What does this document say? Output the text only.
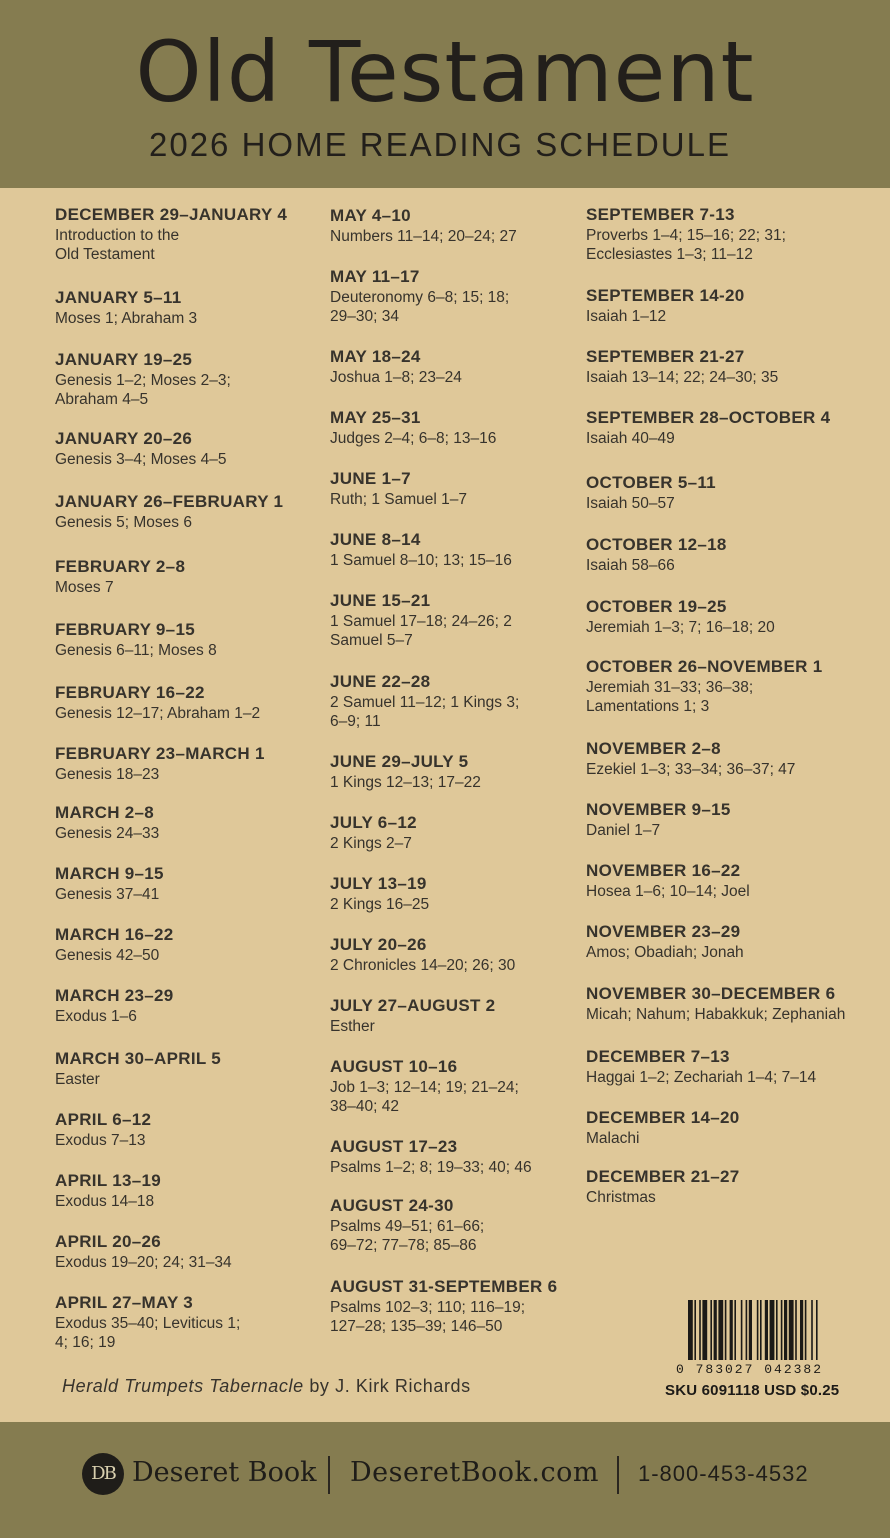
Old Testament
2026 HOME READING SCHEDULE
DECEMBER 29–JANUARY 4
Introduction to the
Old Testament
JANUARY 5–11
Moses 1; Abraham 3
JANUARY 19–25
Genesis 1–2; Moses 2–3;
Abraham 4–5
JANUARY 20–26
Genesis 3–4; Moses 4–5
JANUARY 26–FEBRUARY 1
Genesis 5; Moses 6
FEBRUARY 2–8
Moses 7
FEBRUARY 9–15
Genesis 6–11; Moses 8
FEBRUARY 16–22
Genesis 12–17; Abraham 1–2
FEBRUARY 23–MARCH 1
Genesis 18–23
MARCH 2–8
Genesis 24–33
MARCH 9–15
Genesis 37–41
MARCH 16–22
Genesis 42–50
MARCH 23–29
Exodus 1–6
MARCH 30–APRIL 5
Easter
APRIL 6–12
Exodus 7–13
APRIL 13–19
Exodus 14–18
APRIL 20–26
Exodus 19–20; 24; 31–34
APRIL 27–MAY 3
Exodus 35–40; Leviticus 1;
4; 16; 19
MAY 4–10
Numbers 11–14; 20–24; 27
MAY 11–17
Deuteronomy 6–8; 15; 18;
29–30; 34
MAY 18–24
Joshua 1–8; 23–24
MAY 25–31
Judges 2–4; 6–8; 13–16
JUNE 1–7
Ruth; 1 Samuel 1–7
JUNE 8–14
1 Samuel 8–10; 13; 15–16
JUNE 15–21
1 Samuel 17–18; 24–26; 2
Samuel 5–7
JUNE 22–28
2 Samuel 11–12; 1 Kings 3;
6–9; 11
JUNE 29–JULY 5
1 Kings 12–13; 17–22
JULY 6–12
2 Kings 2–7
JULY 13–19
2 Kings 16–25
JULY 20–26
2 Chronicles 14–20; 26; 30
JULY 27–AUGUST 2
Esther
AUGUST 10–16
Job 1–3; 12–14; 19; 21–24;
38–40; 42
AUGUST 17–23
Psalms 1–2; 8; 19–33; 40; 46
AUGUST 24-30
Psalms 49–51; 61–66;
69–72; 77–78; 85–86
AUGUST 31-SEPTEMBER 6
Psalms 102–3; 110; 116–19;
127–28; 135–39; 146–50
SEPTEMBER 7-13
Proverbs 1–4; 15–16; 22; 31;
Ecclesiastes 1–3; 11–12
SEPTEMBER 14-20
Isaiah 1–12
SEPTEMBER 21-27
Isaiah 13–14; 22; 24–30; 35
SEPTEMBER 28–OCTOBER 4
Isaiah 40–49
OCTOBER 5–11
Isaiah 50–57
OCTOBER 12–18
Isaiah 58–66
OCTOBER 19–25
Jeremiah 1–3; 7; 16–18; 20
OCTOBER 26–NOVEMBER 1
Jeremiah 31–33; 36–38;
Lamentations 1; 3
NOVEMBER 2–8
Ezekiel 1–3; 33–34; 36–37; 47
NOVEMBER 9–15
Daniel 1–7
NOVEMBER 16–22
Hosea 1–6; 10–14; Joel
NOVEMBER 23–29
Amos; Obadiah; Jonah
NOVEMBER 30–DECEMBER 6
Micah; Nahum; Habakkuk; Zephaniah
DECEMBER 7–13
Haggai 1–2; Zechariah 1–4; 7–14
DECEMBER 14–20
Malachi
DECEMBER 21–27
Christmas
Herald Trumpets Tabernacle by J. Kirk Richards
0 783027 042382
SKU 6091118 USD $0.25
DB Deseret Book DeseretBook.com 1-800-453-4532
